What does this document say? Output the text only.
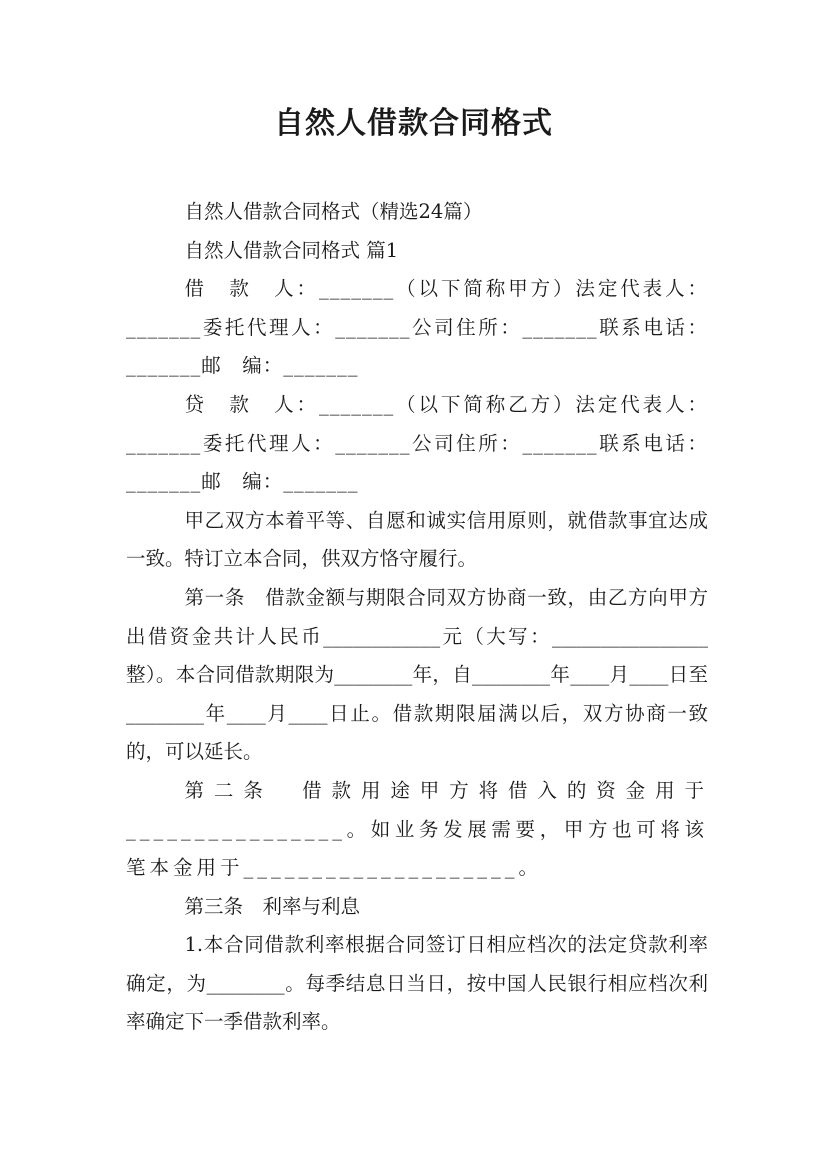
自然人借款合同格式

自然人借款合同格式（精选24篇）

自然人借款合同格式 篇1

借　款　人：_______（以下简称甲方）法定代表人：_______委托代理人：_______公司住所：_______联系电话：_______邮　编：_______

贷　款　人：_______（以下简称乙方）法定代表人：_______委托代理人：_______公司住所：_______联系电话：_______邮　编：_______

甲乙双方本着平等、自愿和诚实信用原则，就借款事宜达成一致。特订立本合同，供双方恪守履行。

第一条　借款金额与期限合同双方协商一致，由乙方向甲方出借资金共计人民币____________元（大写：________________整）。本合同借款期限为________年，自________年____月____日至________年____月____日止。借款期限届满以后，双方协商一致的，可以延长。

第二条　借款用途甲方将借入的资金用于________________。如业务发展需要，甲方也可将该笔本金用于____________________。

第三条　利率与利息

1.本合同借款利率根据合同签订日相应档次的法定贷款利率确定，为________。每季结息日当日，按中国人民银行相应档次利率确定下一季借款利率。
